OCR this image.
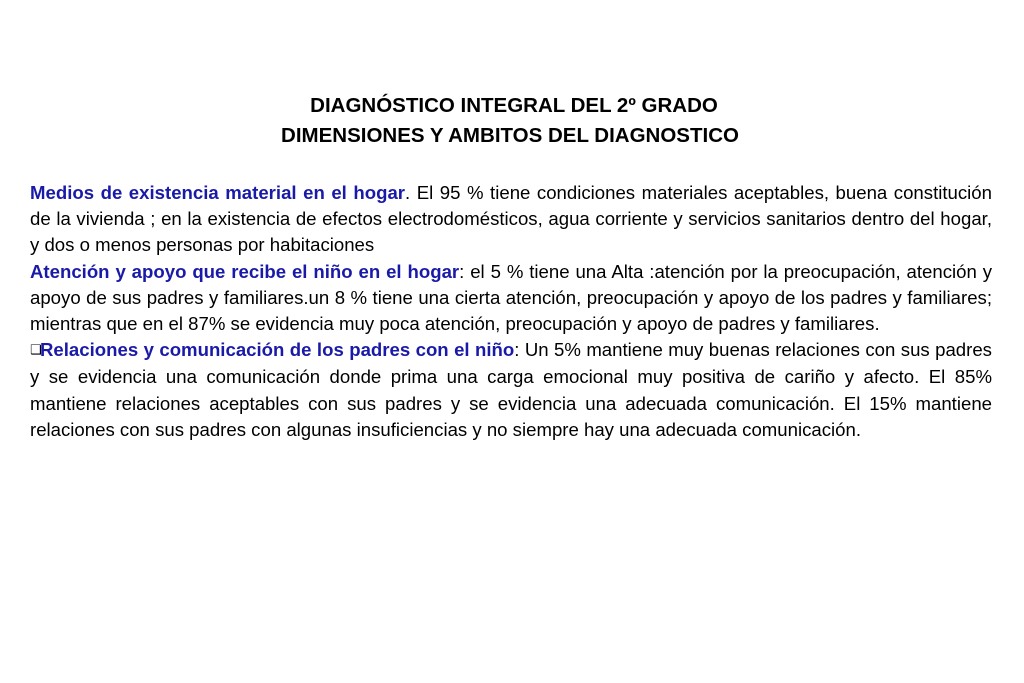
DIAGNÓSTICO INTEGRAL DEL 2º GRADO
DIMENSIONES Y AMBITOS DEL DIAGNOSTICO

Medios de existencia material en el hogar. El 95 % tiene condiciones materiales aceptables, buena constitución de la vivienda ; en la existencia de efectos electrodomésticos, agua corriente y servicios sanitarios dentro del hogar, y dos o menos personas por habitaciones

Atención y apoyo que recibe el niño en el hogar: el 5 % tiene una Alta :atención por la preocupación, atención y apoyo de sus padres y familiares.un 8 % tiene una cierta atención, preocupación y apoyo de los padres y familiares; mientras que en el 87% se evidencia muy poca atención, preocupación y apoyo de padres y familiares.

❑Relaciones y comunicación de los padres con el niño: Un 5% mantiene muy buenas relaciones con sus padres y se evidencia una comunicación donde prima una carga emocional muy positiva de cariño y afecto. El 85% mantiene relaciones aceptables con sus padres y se evidencia una adecuada comunicación. El 15% mantiene relaciones con sus padres con algunas insuficiencias y no siempre hay una adecuada comunicación.
